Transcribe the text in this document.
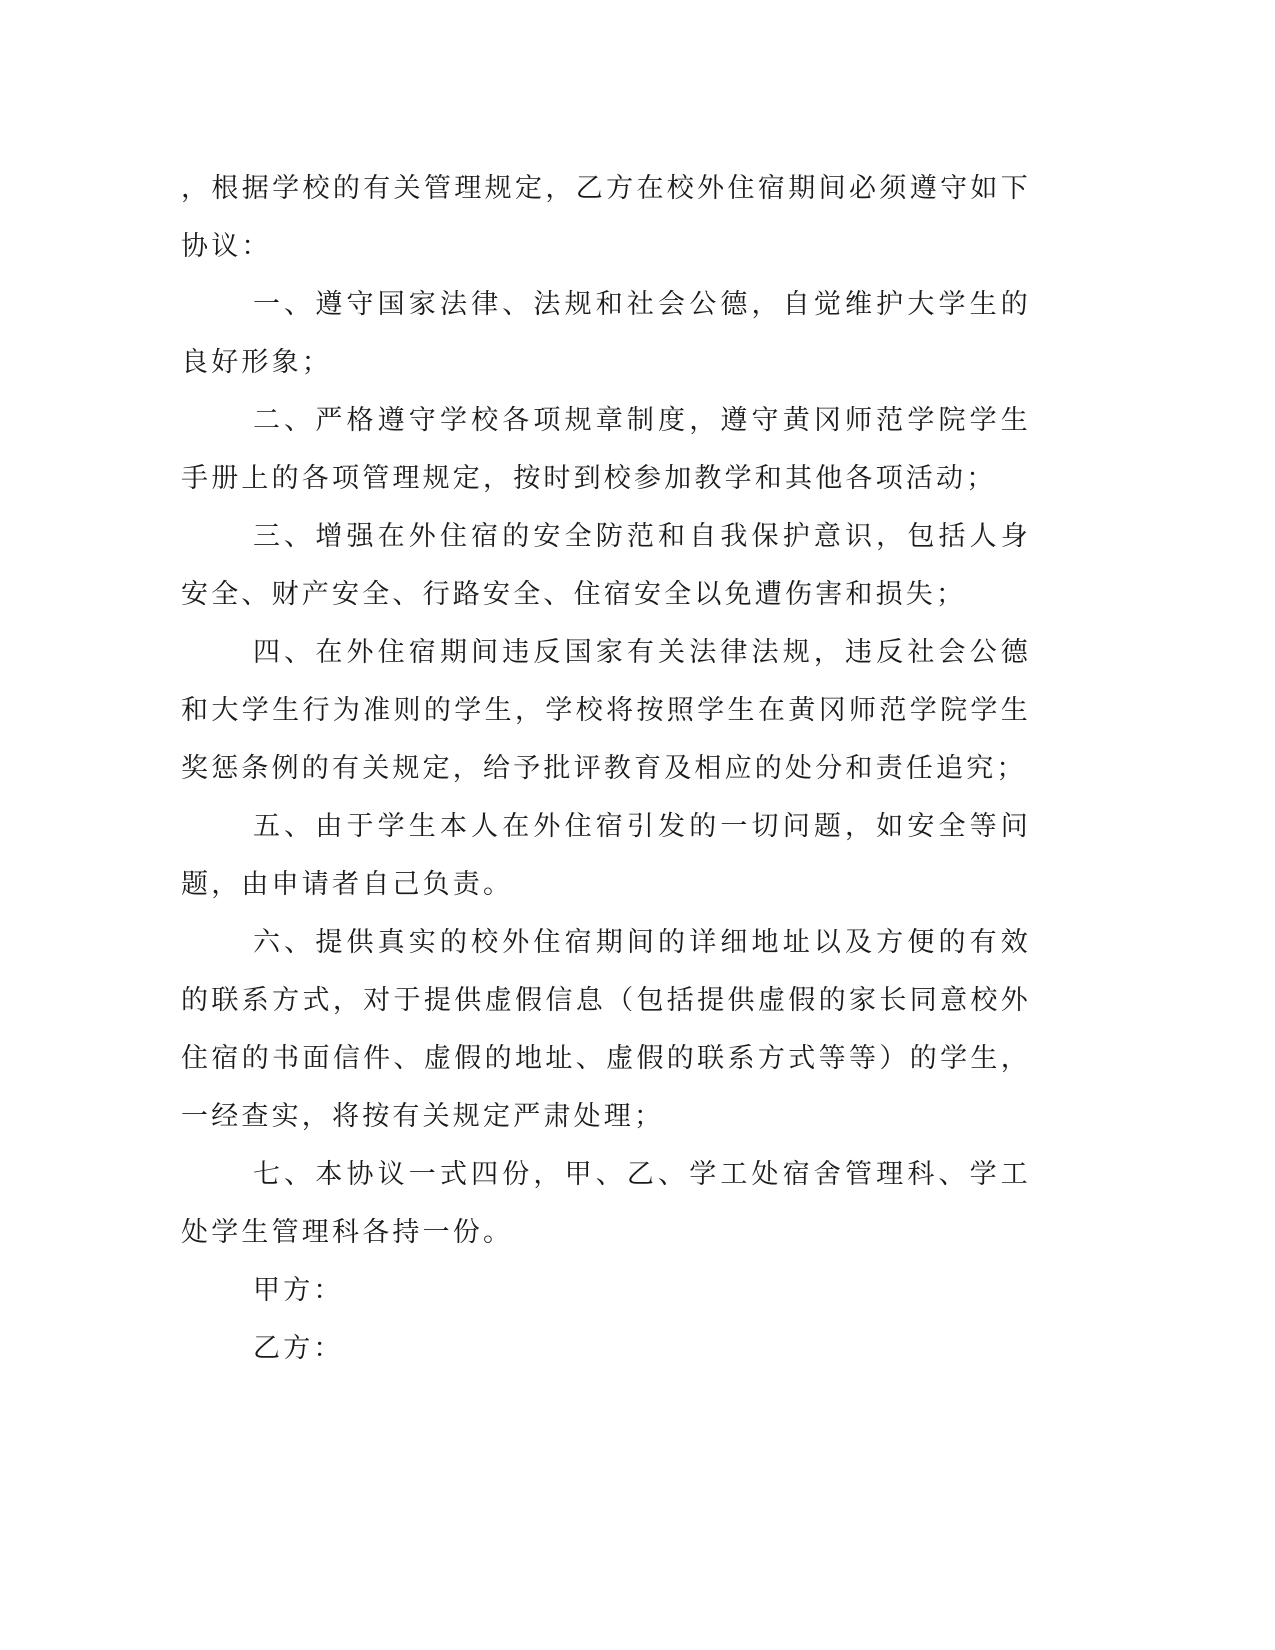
，根据学校的有关管理规定，乙方在校外住宿期间必须遵守如下协议：

一、遵守国家法律、法规和社会公德，自觉维护大学生的良好形象；

二、严格遵守学校各项规章制度，遵守黄冈师范学院学生手册上的各项管理规定，按时到校参加教学和其他各项活动；

三、增强在外住宿的安全防范和自我保护意识，包括人身安全、财产安全、行路安全、住宿安全以免遭伤害和损失；

四、在外住宿期间违反国家有关法律法规，违反社会公德和大学生行为准则的学生，学校将按照学生在黄冈师范学院学生奖惩条例的有关规定，给予批评教育及相应的处分和责任追究；

五、由于学生本人在外住宿引发的一切问题，如安全等问题，由申请者自己负责。

六、提供真实的校外住宿期间的详细地址以及方便的有效的联系方式，对于提供虚假信息（包括提供虚假的家长同意校外住宿的书面信件、虚假的地址、虚假的联系方式等等）的学生，一经查实，将按有关规定严肃处理；

七、本协议一式四份，甲、乙、学工处宿舍管理科、学工处学生管理科各持一份。

甲方：

乙方：
